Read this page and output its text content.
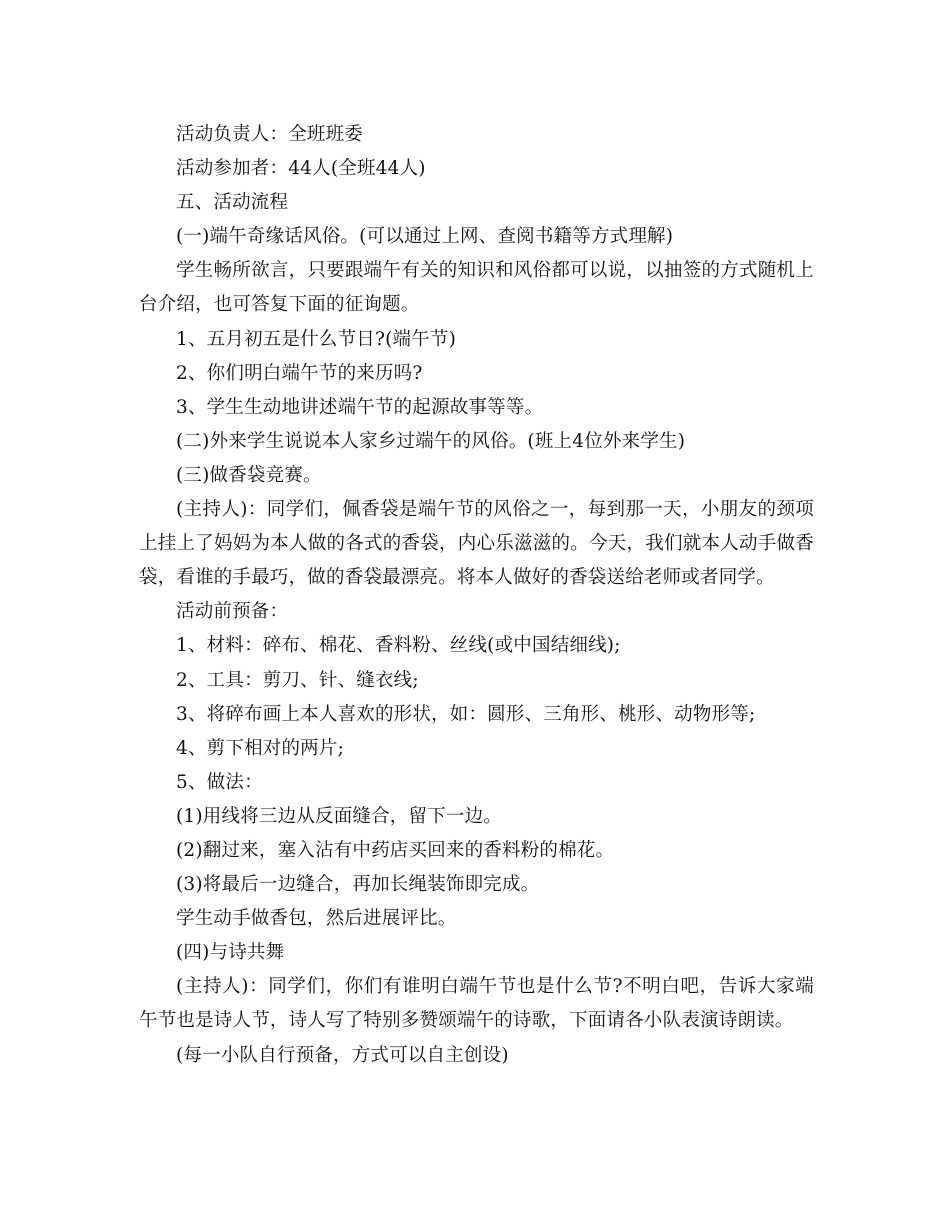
活动负责人：全班班委

活动参加者：44人(全班44人)

五、活动流程

(一)端午奇缘话风俗。(可以通过上网、查阅书籍等方式理解)

学生畅所欲言，只要跟端午有关的知识和风俗都可以说，以抽签的方式随机上台介绍，也可答复下面的征询题。

1、五月初五是什么节日?(端午节)

2、你们明白端午节的来历吗?

3、学生生动地讲述端午节的起源故事等等。

(二)外来学生说说本人家乡过端午的风俗。(班上4位外来学生)

(三)做香袋竞赛。

(主持人)：同学们，佩香袋是端午节的风俗之一，每到那一天，小朋友的颈项上挂上了妈妈为本人做的各式的香袋，内心乐滋滋的。今天，我们就本人动手做香袋，看谁的手最巧，做的香袋最漂亮。将本人做好的香袋送给老师或者同学。

活动前预备：

1、材料：碎布、棉花、香料粉、丝线(或中国结细线);

2、工具：剪刀、针、缝衣线;

3、将碎布画上本人喜欢的形状，如：圆形、三角形、桃形、动物形等;

4、剪下相对的两片;

5、做法：

(1)用线将三边从反面缝合，留下一边。

(2)翻过来，塞入沾有中药店买回来的香料粉的棉花。

(3)将最后一边缝合，再加长绳装饰即完成。

学生动手做香包，然后进展评比。

(四)与诗共舞

(主持人)：同学们，你们有谁明白端午节也是什么节?不明白吧，告诉大家端午节也是诗人节，诗人写了特别多赞颂端午的诗歌，下面请各小队表演诗朗读。

(每一小队自行预备，方式可以自主创设)
